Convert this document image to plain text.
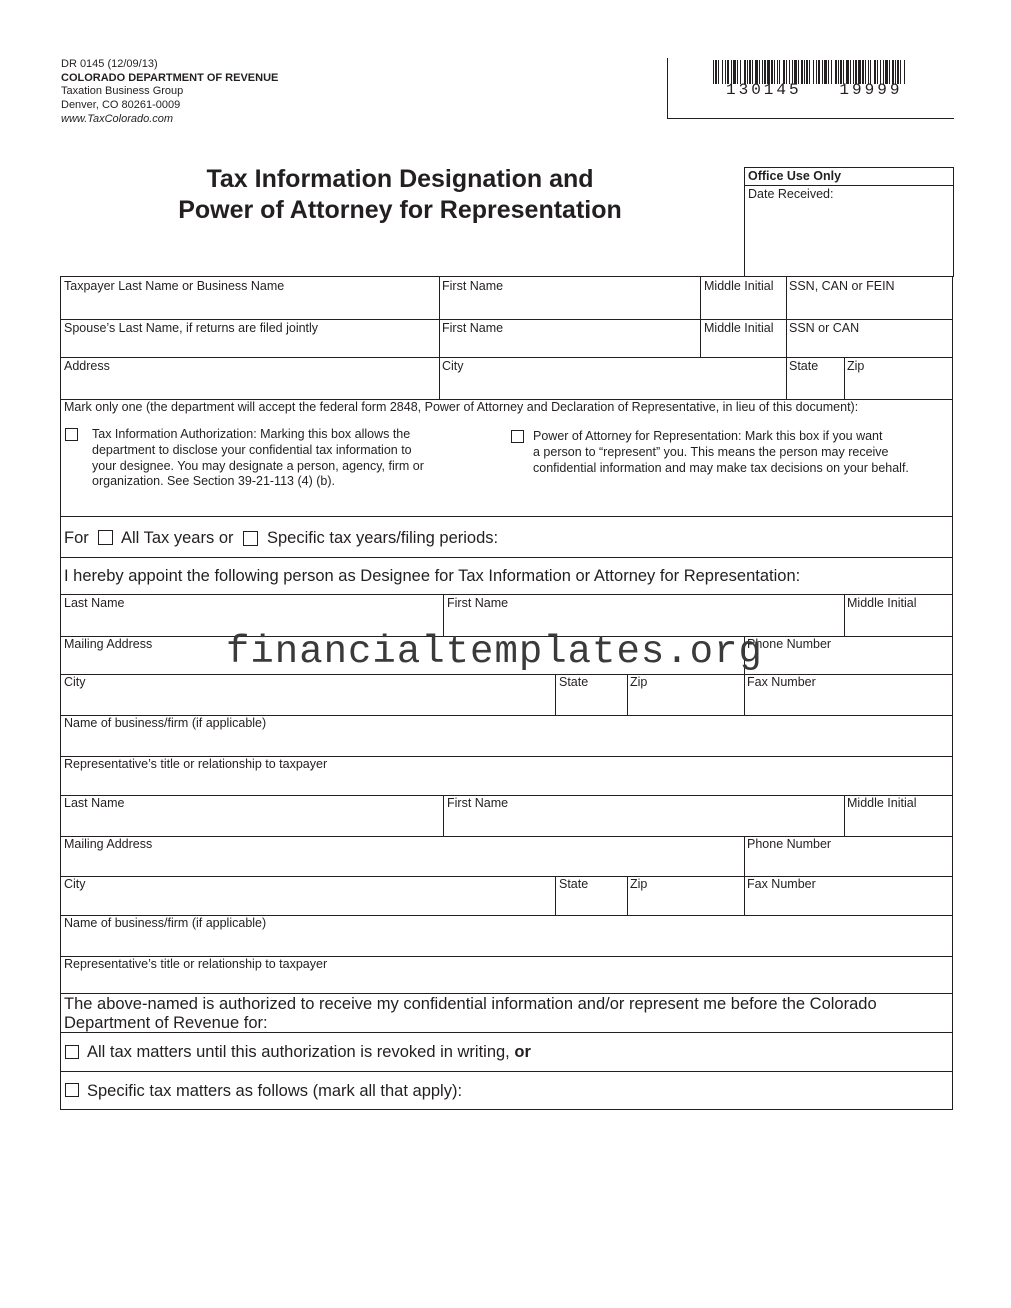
DR 0145 (12/09/13)
COLORADO DEPARTMENT OF REVENUE
Taxation Business Group
Denver, CO 80261-0009
www.TaxColorado.com
130145   19999
Tax Information Designation and
Power of Attorney for Representation
Office Use Only
Date Received:
Taxpayer Last Name or Business Name	First Name	Middle Initial SSN, CAN or FEIN
Spouse’s Last Name, if returns are filed jointly	First Name	Middle Initial SSN or CAN
Address	City	State Zip
Mark only one (the department will accept the federal form 2848, Power of Attorney and Declaration of Representative, in lieu of this document):
Tax Information Authorization: Marking this box allows the
department to disclose your confidential tax information to
your designee. You may designate a person, agency, firm or
organization. See Section 39-21-113 (4) (b).
Power of Attorney for Representation: Mark this box if you want
a person to “represent” you. This means the person may receive
confidential information and may make tax decisions on your behalf.
For All Tax years or Specific tax years/filing periods:
I hereby appoint the following person as Designee for Tax Information or Attorney for Representation:
Last Name	First Name	Middle Initial
Mailing Address	Phone Number
City	State	Zip	Fax Number
Name of business/firm (if applicable)
Representative’s title or relationship to taxpayer
Last Name	First Name	Middle Initial
Mailing Address	Phone Number
City	State	Zip	Fax Number
Name of business/firm (if applicable)
Representative’s title or relationship to taxpayer
The above-named is authorized to receive my confidential information and/or represent me before the Colorado
Department of Revenue for:
All tax matters until this authorization is revoked in writing, or
Specific tax matters as follows (mark all that apply):
financialtemplates.org
